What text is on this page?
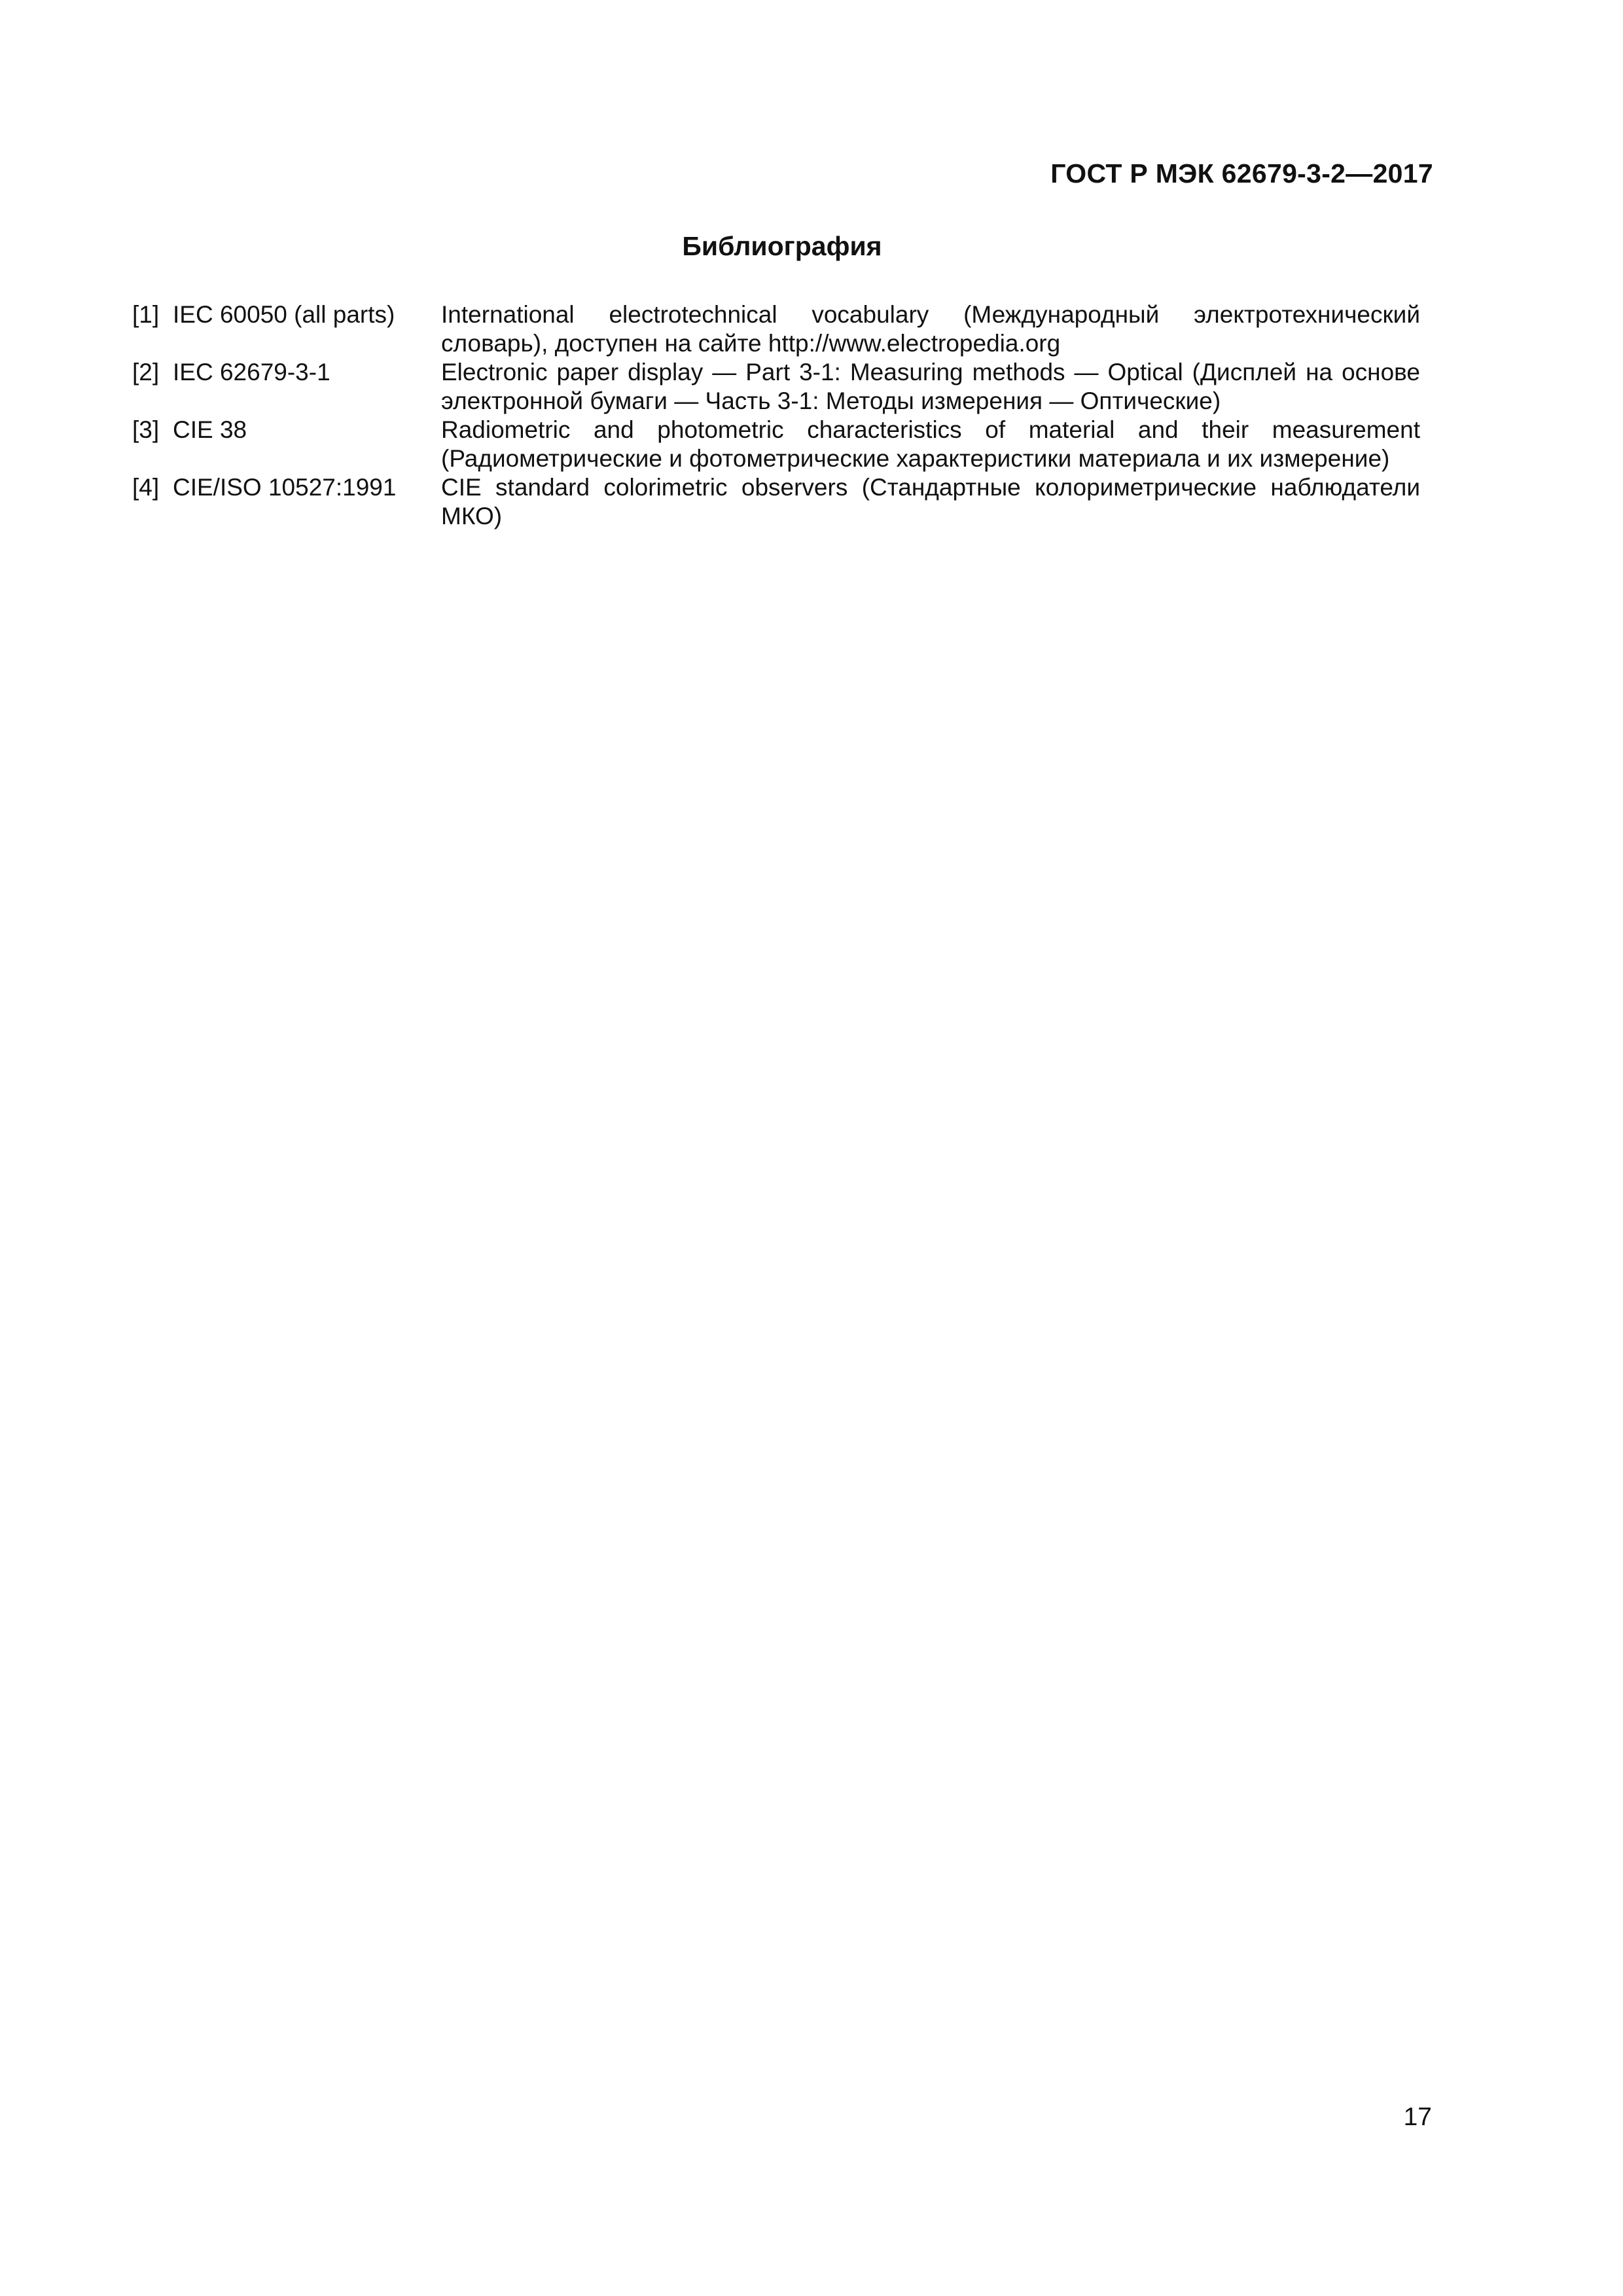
ГОСТ Р МЭК 62679-3-2—2017
Библиография
[1] IEC 60050 (all parts)	International electrotechnical vocabulary (Международный электротехнический словарь), доступен на сайте http://www.electropedia.org
[2] IEC 62679-3-1	Electronic paper display — Part 3-1: Measuring methods — Optical (Дисплей на основе электронной бумаги — Часть 3-1: Методы измерения — Оптические)
[3] CIE 38	Radiometric and photometric characteristics of material and their measurement (Радиометрические и фотометрические характеристики материала и их измерение)
[4] CIE/ISO 10527:1991	CIE standard colorimetric observers (Стандартные колориметрические наблюдатели МКО)
17
